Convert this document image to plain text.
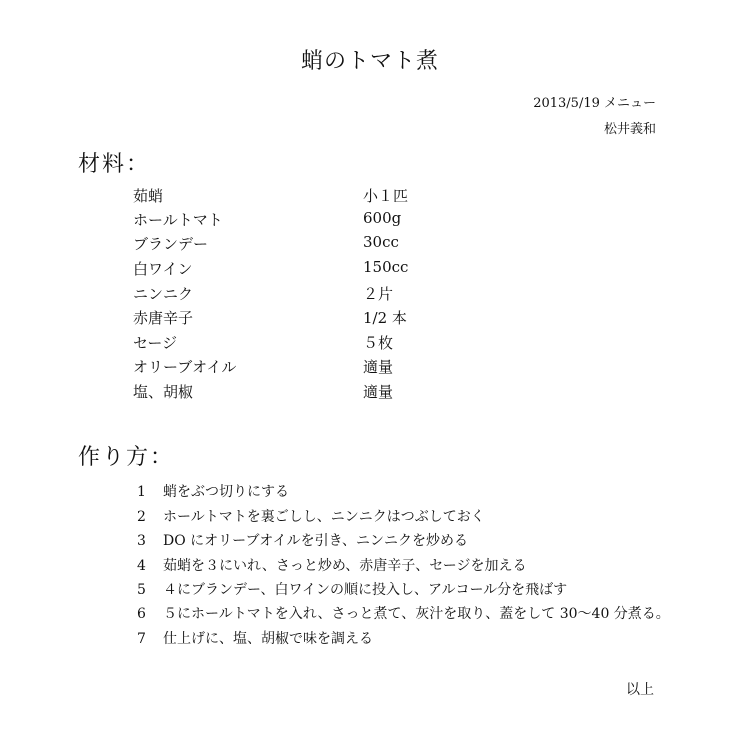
蛸のトマト煮
2013/5/19 メニュー
松井義和
材料：
茹蛸	小１匹
ホールトマト	600g
ブランデー	30cc
白ワイン	150cc
ニンニク	２片
赤唐辛子	1/2 本
セージ	５枚
オリーブオイル	適量
塩、胡椒	適量
作り方：
1 蛸をぶつ切りにする
2 ホールトマトを裏ごしし、ニンニクはつぶしておく
3 DO にオリーブオイルを引き、ニンニクを炒める
4 茹蛸を３にいれ、さっと炒め、赤唐辛子、セージを加える
5 ４にブランデー、白ワインの順に投入し、アルコール分を飛ばす
6 ５にホールトマトを入れ、さっと煮て、灰汁を取り、蓋をして 30～40 分煮る。
7 仕上げに、塩、胡椒で味を調える
以上
